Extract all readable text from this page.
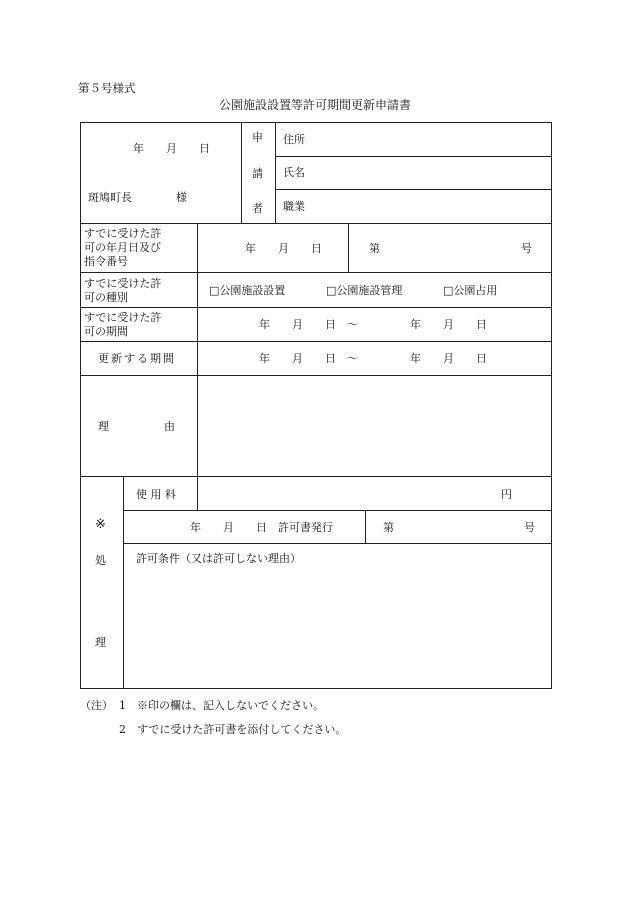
第５号様式
公園施設設置等許可期間更新申請書
年　　月　　日
斑鳩町長　　　　様
申
請
者
住所
氏名
職業
すでに受けた許
可の年月日及び
指令番号
年　　月　　日	第	号
すでに受けた許
可の種別
□公園施設設置	□公園施設管理	□公園占用
すでに受けた許
可の期間
年　　月　　日　〜	年　　月　　日
更新する期間	年　　月　　日　〜	年　　月　　日
理　　　　　由
※
処
理
使 用 料	円
年　　月　　日　許可書発行	第	号
許可条件（又は許可しない理由）
（注） 1 ※印の欄は、記入しないでください。
2 すでに受けた許可書を添付してください。
